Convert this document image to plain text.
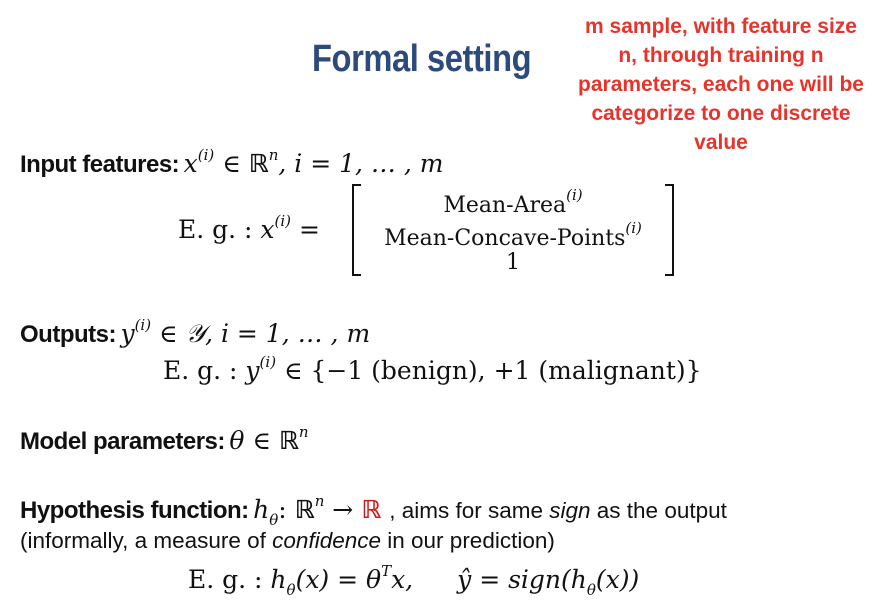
Formal setting
m sample, with feature size n, through training n parameters, each one will be categorize to one discrete value
Input features: $x^{(i)}$ ∈ ℝ$^n$, i = 1, … , m
E. g. : $x^{(i)}$ =
Mean-Area$^{(i)}$
Mean-Concave-Points$^{(i)}$
1
Outputs: $y^{(i)}$ ∈ 𝒴, i = 1, … , m
E. g. : $y^{(i)}$ ∈ {−1 (benign), +1 (malignant)}
Model parameters: θ ∈ ℝ$^n$
Hypothesis function: $h_\theta$: ℝ$^n$ → ℝ , aims for same sign as the output
(informally, a measure of confidence in our prediction)
E. g. : $h_\theta(x) = \theta^Tx$, ŷ = $sign(h_\theta(x))$
